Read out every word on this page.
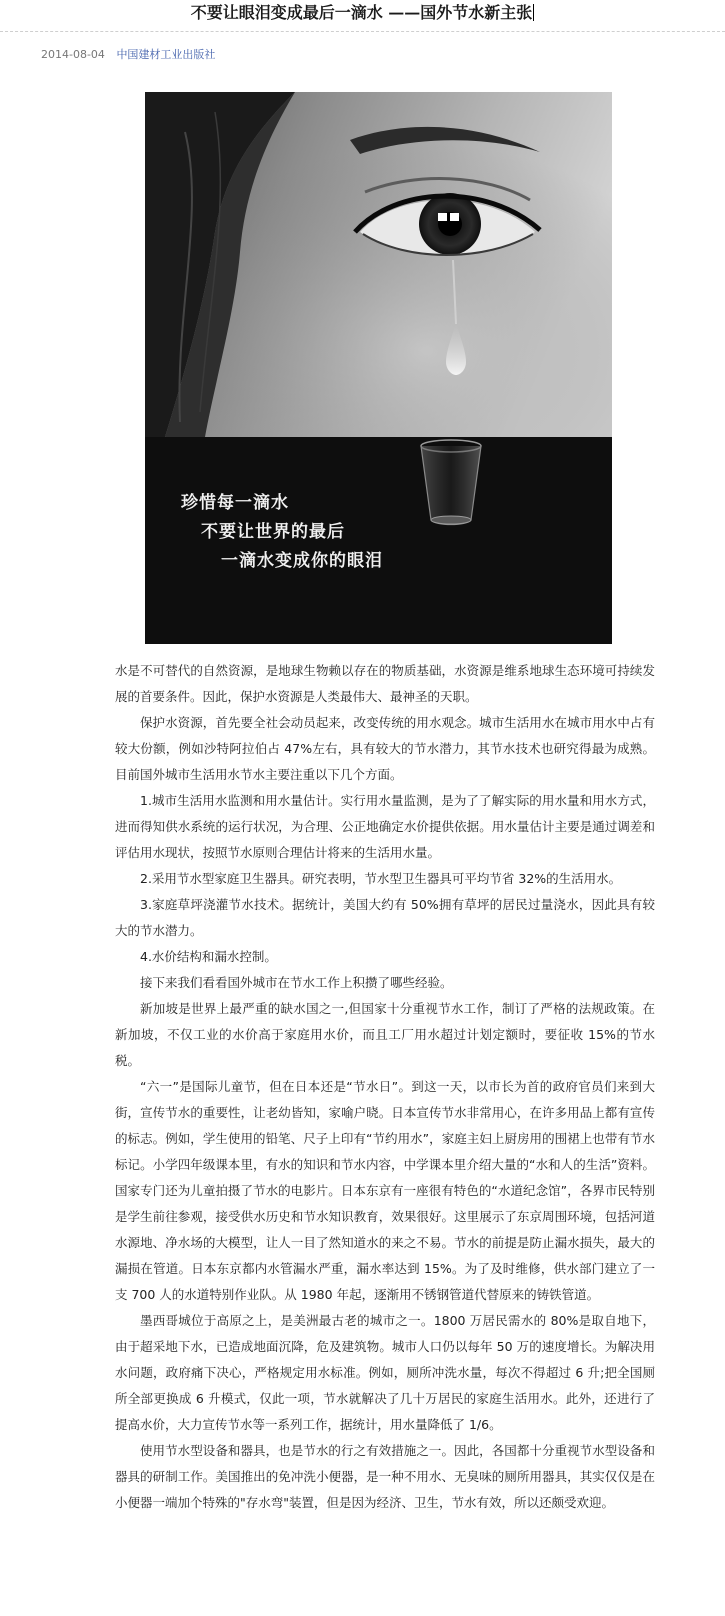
不要让眼泪变成最后一滴水 ——国外节水新主张
2014-08-04 中国建材工业出版社
珍惜每一滴水
不要让世界的最后
一滴水变成你的眼泪

水是不可替代的自然资源，是地球生物赖以存在的物质基础，水资源是维系地球生态环境可持续发展的首要条件。因此，保护水资源是人类最伟大、最神圣的天职。

保护水资源，首先要全社会动员起来，改变传统的用水观念。城市生活用水在城市用水中占有较大份额，例如沙特阿拉伯占 47%左右，具有较大的节水潜力，其节水技术也研究得最为成熟。目前国外城市生活用水节水主要注重以下几个方面。

1.城市生活用水监测和用水量估计。实行用水量监测，是为了了解实际的用水量和用水方式，进而得知供水系统的运行状况，为合理、公正地确定水价提供依据。用水量估计主要是通过调差和评估用水现状，按照节水原则合理估计将来的生活用水量。

2.采用节水型家庭卫生器具。研究表明，节水型卫生器具可平均节省 32%的生活用水。

3.家庭草坪浇灌节水技术。据统计，美国大约有 50%拥有草坪的居民过量浇水，因此具有较大的节水潜力。

4.水价结构和漏水控制。

接下来我们看看国外城市在节水工作上积攒了哪些经验。

新加坡是世界上最严重的缺水国之一,但国家十分重视节水工作，制订了严格的法规政策。在新加坡，不仅工业的水价高于家庭用水价，而且工厂用水超过计划定额时，要征收 15%的节水税。

“六一”是国际儿童节，但在日本还是“节水日”。到这一天，以市长为首的政府官员们来到大街，宣传节水的重要性，让老幼皆知，家喻户晓。日本宣传节水非常用心，在许多用品上都有宣传的标志。例如，学生使用的铅笔、尺子上印有“节约用水”，家庭主妇上厨房用的围裙上也带有节水标记。小学四年级课本里，有水的知识和节水内容，中学课本里介绍大量的“水和人的生活”资料。国家专门还为儿童拍摄了节水的电影片。日本东京有一座很有特色的“水道纪念馆”，各界市民特别是学生前往参观，接受供水历史和节水知识教育，效果很好。这里展示了东京周围环境，包括河道水源地、净水场的大模型，让人一目了然知道水的来之不易。节水的前提是防止漏水损失，最大的漏损在管道。日本东京都内水管漏水严重，漏水率达到 15%。为了及时维修，供水部门建立了一支 700 人的水道特别作业队。从 1980 年起，逐渐用不锈钢管道代替原来的铸铁管道。

墨西哥城位于高原之上，是美洲最古老的城市之一。1800 万居民需水的 80%是取自地下，由于超采地下水，已造成地面沉降，危及建筑物。城市人口仍以每年 50 万的速度增长。为解决用水问题，政府痛下决心，严格规定用水标准。例如，厕所冲洗水量，每次不得超过 6 升;把全国厕所全部更换成 6 升模式，仅此一项，节水就解决了几十万居民的家庭生活用水。此外，还进行了提高水价，大力宣传节水等一系列工作，据统计，用水量降低了 1/6。

使用节水型设备和器具，也是节水的行之有效措施之一。因此，各国都十分重视节水型设备和器具的研制工作。美国推出的免冲洗小便器，是一种不用水、无臭味的厕所用器具，其实仅仅是在小便器一端加个特殊的"存水弯"装置，但是因为经济、卫生，节水有效，所以还颇受欢迎。
